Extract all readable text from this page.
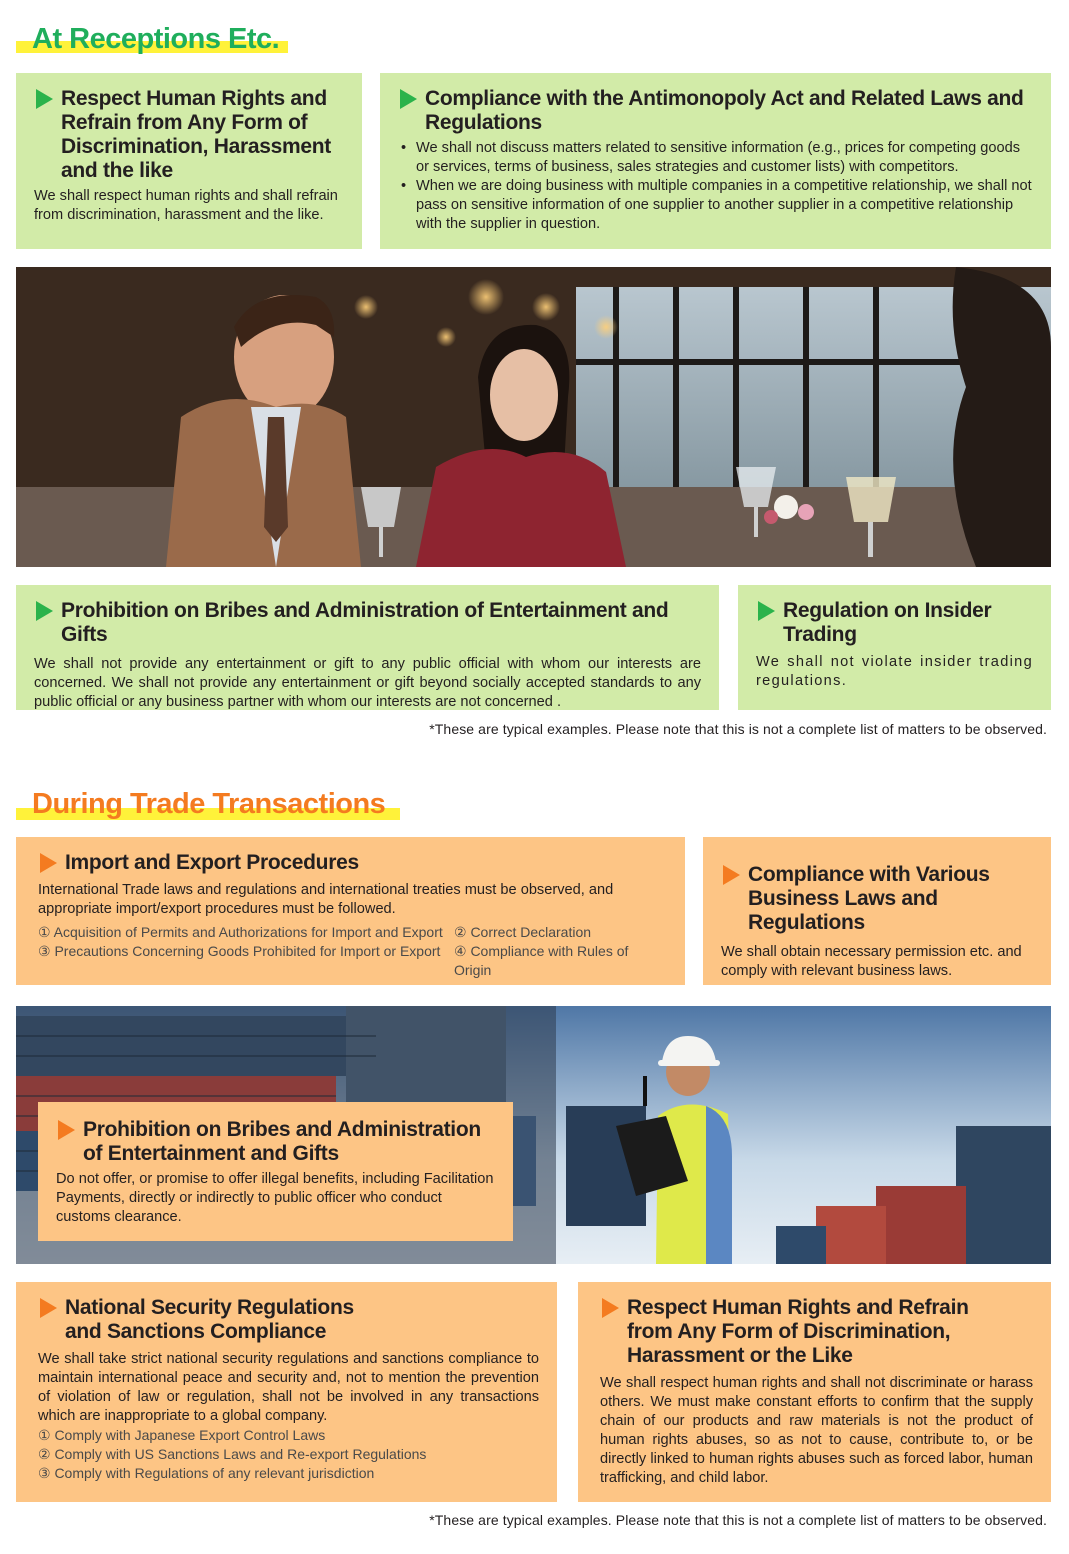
At Receptions Etc.
Respect Human Rights and Refrain from Any Form of Discrimination, Harassment and the like
We shall respect human rights and shall refrain from discrimination, harassment and the like.
Compliance with the Antimonopoly Act and Related Laws and Regulations
• We shall not discuss matters related to sensitive information (e.g., prices for competing goods or services, terms of business, sales strategies and customer lists) with competitors.
• When we are doing business with multiple companies in a competitive relationship, we shall not pass on sensitive information of one supplier to another supplier in a competitive relationship with the supplier in question.
Prohibition on Bribes and Administration of Entertainment and Gifts
We shall not provide any entertainment or gift to any public official with whom our interests are concerned. We shall not provide any entertainment or gift beyond socially accepted standards to any public official or any business partner with whom our interests are not concerned .
Regulation on Insider Trading
We shall not violate insider trading regulations.
*These are typical examples. Please note that this is not a complete list of matters to be observed.
During Trade Transactions
Import and Export Procedures
International Trade laws and regulations and international treaties must be observed, and appropriate import/export procedures must be followed.
① Acquisition of Permits and Authorizations for Import and Export ② Correct Declaration
③ Precautions Concerning Goods Prohibited for Import or Export ④ Compliance with Rules of Origin
Compliance with Various Business Laws and Regulations
We shall obtain necessary permission etc. and comply with relevant business laws.
Prohibition on Bribes and Administration of Entertainment and Gifts
Do not offer, or promise to offer illegal benefits, including Facilitation Payments, directly or indirectly to public officer who conduct customs clearance.
National Security Regulations and Sanctions Compliance
We shall take strict national security regulations and sanctions compliance to maintain international peace and security and, not to mention the prevention of violation of law or regulation, shall not be involved in any transactions which are inappropriate to a global company.
① Comply with Japanese Export Control Laws
② Comply with US Sanctions Laws and Re-export Regulations
③ Comply with Regulations of any relevant jurisdiction
Respect Human Rights and Refrain from Any Form of Discrimination, Harassment or the Like
We shall respect human rights and shall not discriminate or harass others. We must make constant efforts to confirm that the supply chain of our products and raw materials is not the product of human rights abuses, so as not to cause, contribute to, or be directly linked to human rights abuses such as forced labor, human trafficking, and child labor.
*These are typical examples. Please note that this is not a complete list of matters to be observed.
